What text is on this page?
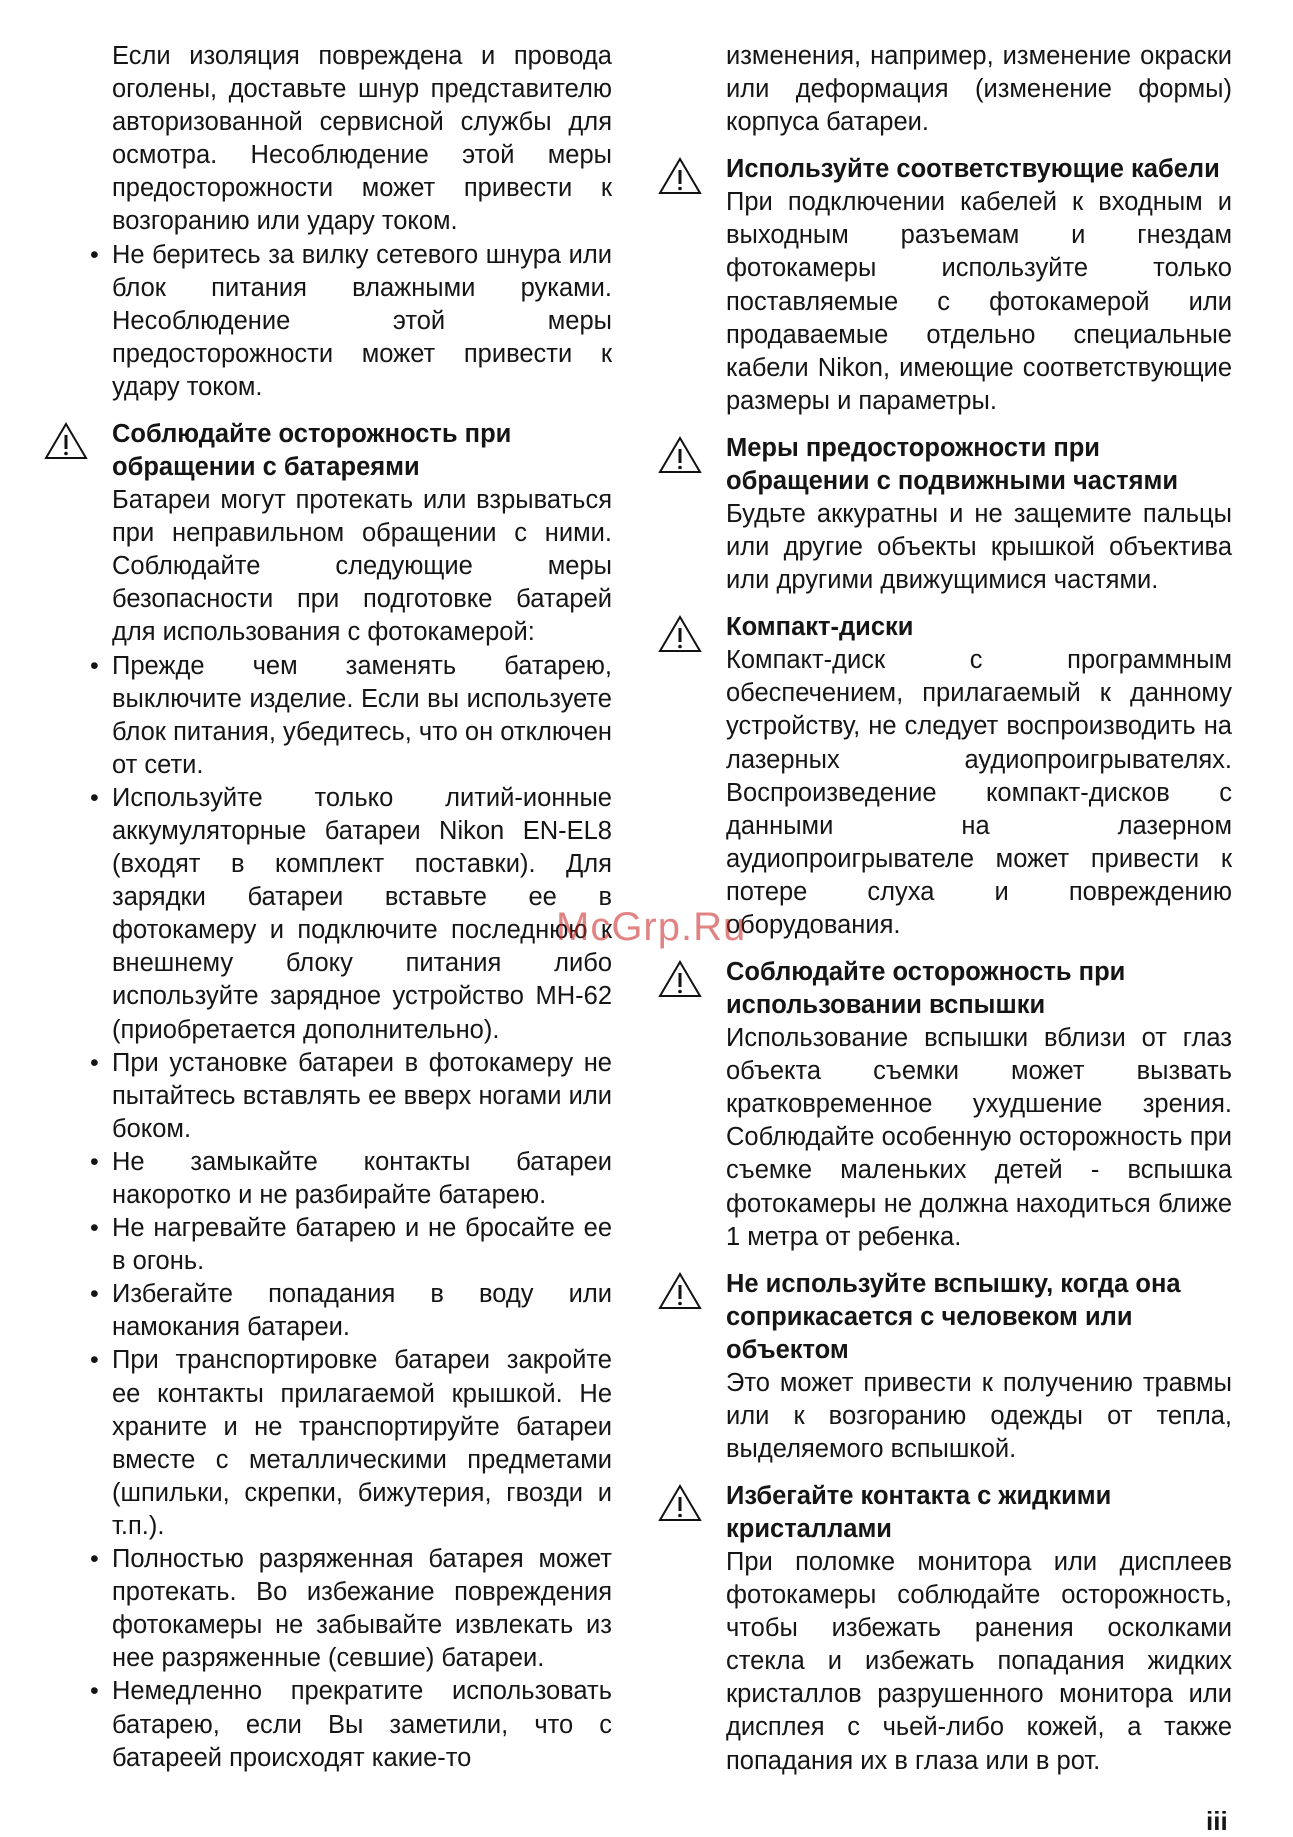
Если изоляция повреждена и провода оголены, доставьте шнур представителю авторизованной сервисной службы для осмотра. Несоблюдение этой меры предосторожности может привести к возгоранию или удару током.

• Не беритесь за вилку сетевого шнура или блок питания влажными руками. Несоблюдение этой меры предосторожности может привести к удару током.

Соблюдайте осторожность при обращении с батареями

Батареи могут протекать или взрываться при неправильном обращении с ними. Соблюдайте следующие меры безопасности при подготовке батарей для использования с фотокамерой:

• Прежде чем заменять батарею, выключите изделие. Если вы используете блок питания, убедитесь, что он отключен от сети.

• Используйте только литий-ионные аккумуляторные батареи Nikon EN-EL8 (входят в комплект поставки). Для зарядки батареи вставьте ее в фотокамеру и подключите последнюю к внешнему блоку питания либо используйте зарядное устройство MH-62 (приобретается дополнительно).

• При установке батареи в фотокамеру не пытайтесь вставлять ее вверх ногами или боком.

• Не замыкайте контакты батареи накоротко и не разбирайте батарею.

• Не нагревайте батарею и не бросайте ее в огонь.

• Избегайте попадания в воду или намокания батареи.

• При транспортировке батареи закройте ее контакты прилагаемой крышкой. Не храните и не транспортируйте батареи вместе с металлическими предметами (шпильки, скрепки, бижутерия, гвозди и т.п.).

• Полностью разряженная батарея может протекать. Во избежание повреждения фотокамеры не забывайте извлекать из нее разряженные (севшие) батареи.

• Немедленно прекратите использовать батарею, если Вы заметили, что с батареей происходят какие-то

изменения, например, изменение окраски или деформация (изменение формы) корпуса батареи.

Используйте соответствующие кабели

При подключении кабелей к входным и выходным разъемам и гнездам фотокамеры используйте только поставляемые с фотокамерой или продаваемые отдельно специальные кабели Nikon, имеющие соответствующие размеры и параметры.

Меры предосторожности при обращении с подвижными частями

Будьте аккуратны и не защемите пальцы или другие объекты крышкой объектива или другими движущимися частями.

Компакт-диски

Компакт-диск с программным обеспечением, прилагаемый к данному устройству, не следует воспроизводить на лазерных аудиопроигрывателях. Воспроизведение компакт-дисков с данными на лазерном аудиопроигрывателе может привести к потере слуха и повреждению оборудования.

Соблюдайте осторожность при использовании вспышки

Использование вспышки вблизи от глаз объекта съемки может вызвать кратковременное ухудшение зрения. Соблюдайте особенную осторожность при съемке маленьких детей - вспышка фотокамеры не должна находиться ближе 1 метра от ребенка.

Не используйте вспышку, когда она соприкасается с человеком или объектом

Это может привести к получению травмы или к возгоранию одежды от тепла, выделяемого вспышкой.

Избегайте контакта с жидкими кристаллами

При поломке монитора или дисплеев фотокамеры соблюдайте осторожность, чтобы избежать ранения осколками стекла и избежать попадания жидких кристаллов разрушенного монитора или дисплея с чьей-либо кожей, а также попадания их в глаза или в рот.

McGrp.Ru
iii
